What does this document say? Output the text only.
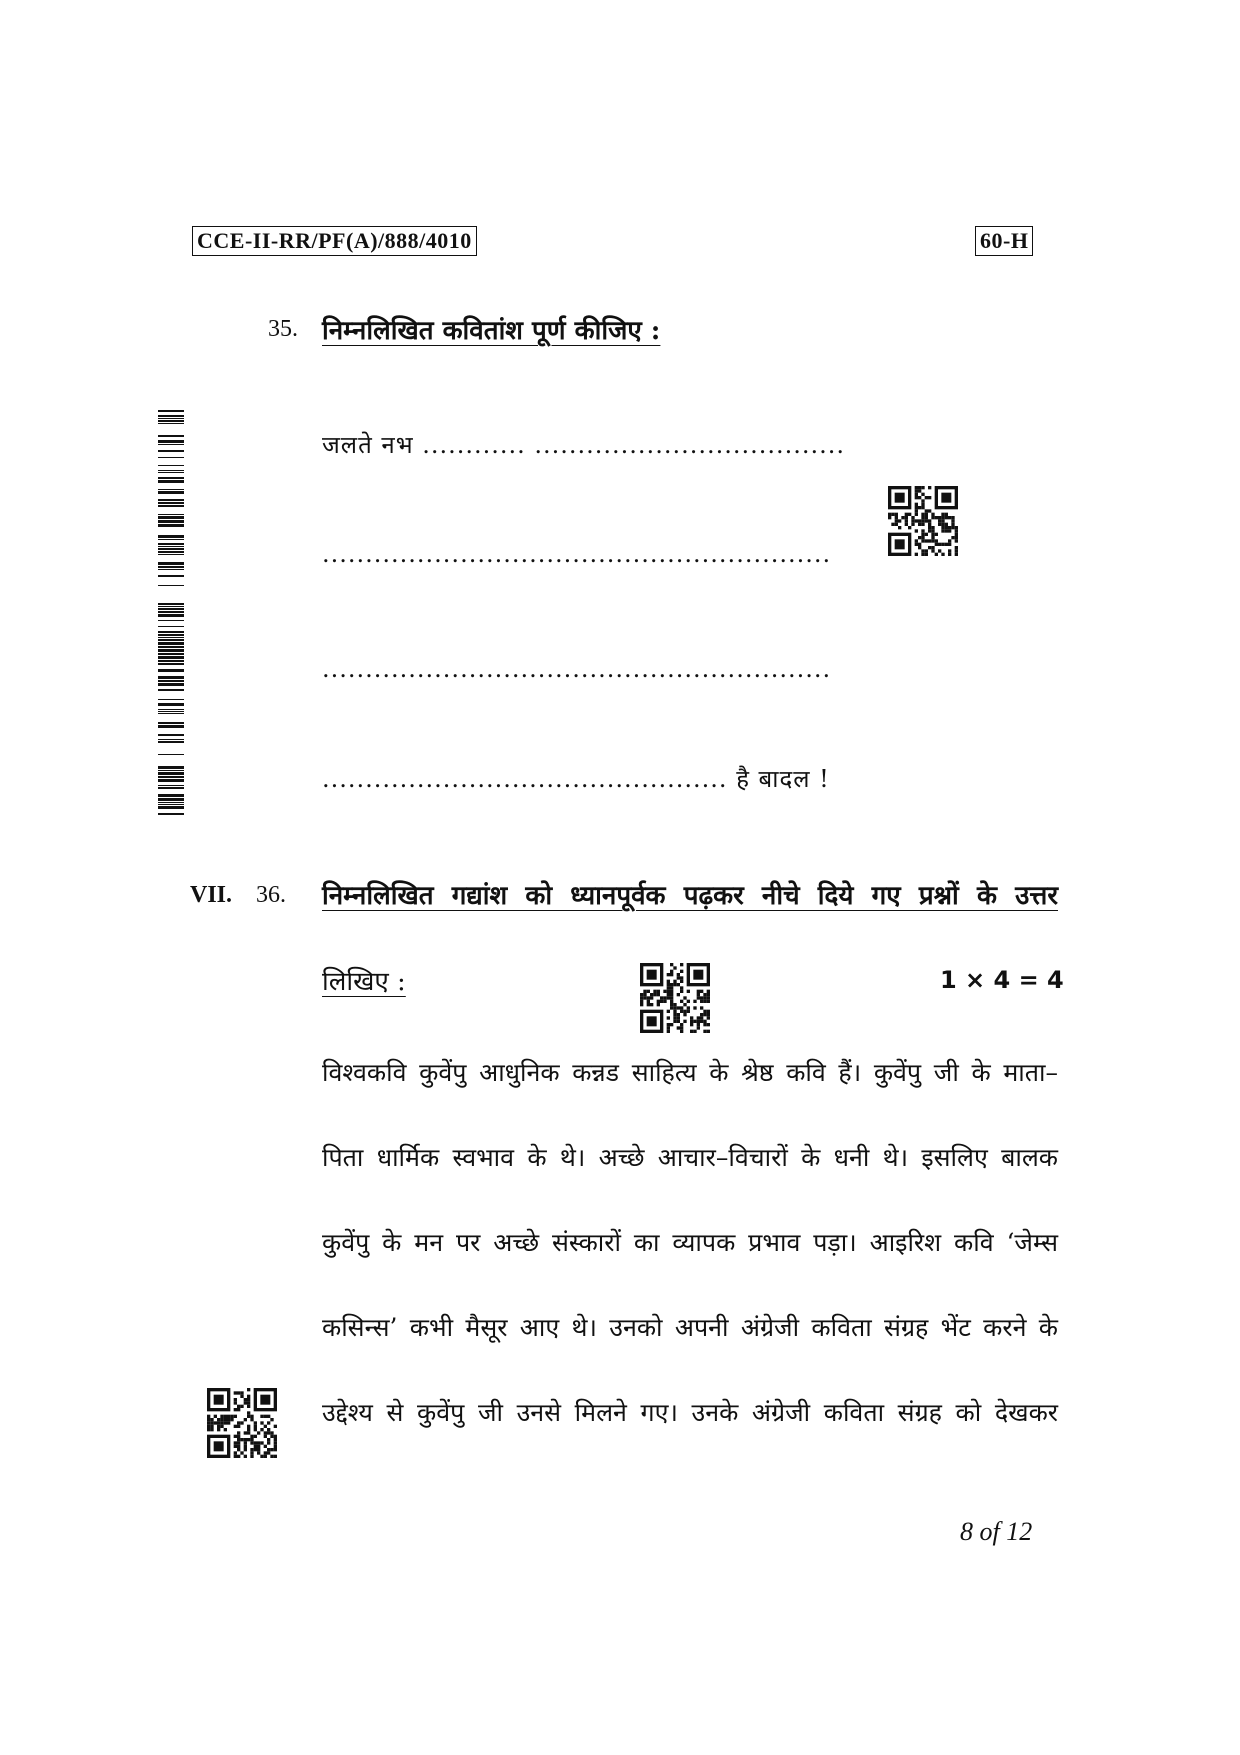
CCE-II-RR/PF(A)/888/4010	60-H
35. निम्नलिखित कवितांश पूर्ण कीजिए :
जलते नभ ............ ....................................
...........................................................
...........................................................
............................................... है बादल !
VII. 36. निम्नलिखित गद्यांश को ध्यानपूर्वक पढ़कर नीचे दिये गए प्रश्नों के उत्तर
लिखिए :	1 × 4 = 4
विश्वकवि कुवेंपु आधुनिक कन्नड साहित्य के श्रेष्ठ कवि हैं। कुवेंपु जी के माता–
पिता धार्मिक स्वभाव के थे। अच्छे आचार–विचारों के धनी थे। इसलिए बालक
कुवेंपु के मन पर अच्छे संस्कारों का व्यापक प्रभाव पड़ा। आइरिश कवि ‘जेम्स
कसिन्स’ कभी मैसूर आए थे। उनको अपनी अंग्रेजी कविता संग्रह भेंट करने के
उद्देश्य से कुवेंपु जी उनसे मिलने गए। उनके अंग्रेजी कविता संग्रह को देखकर
8 of 12
